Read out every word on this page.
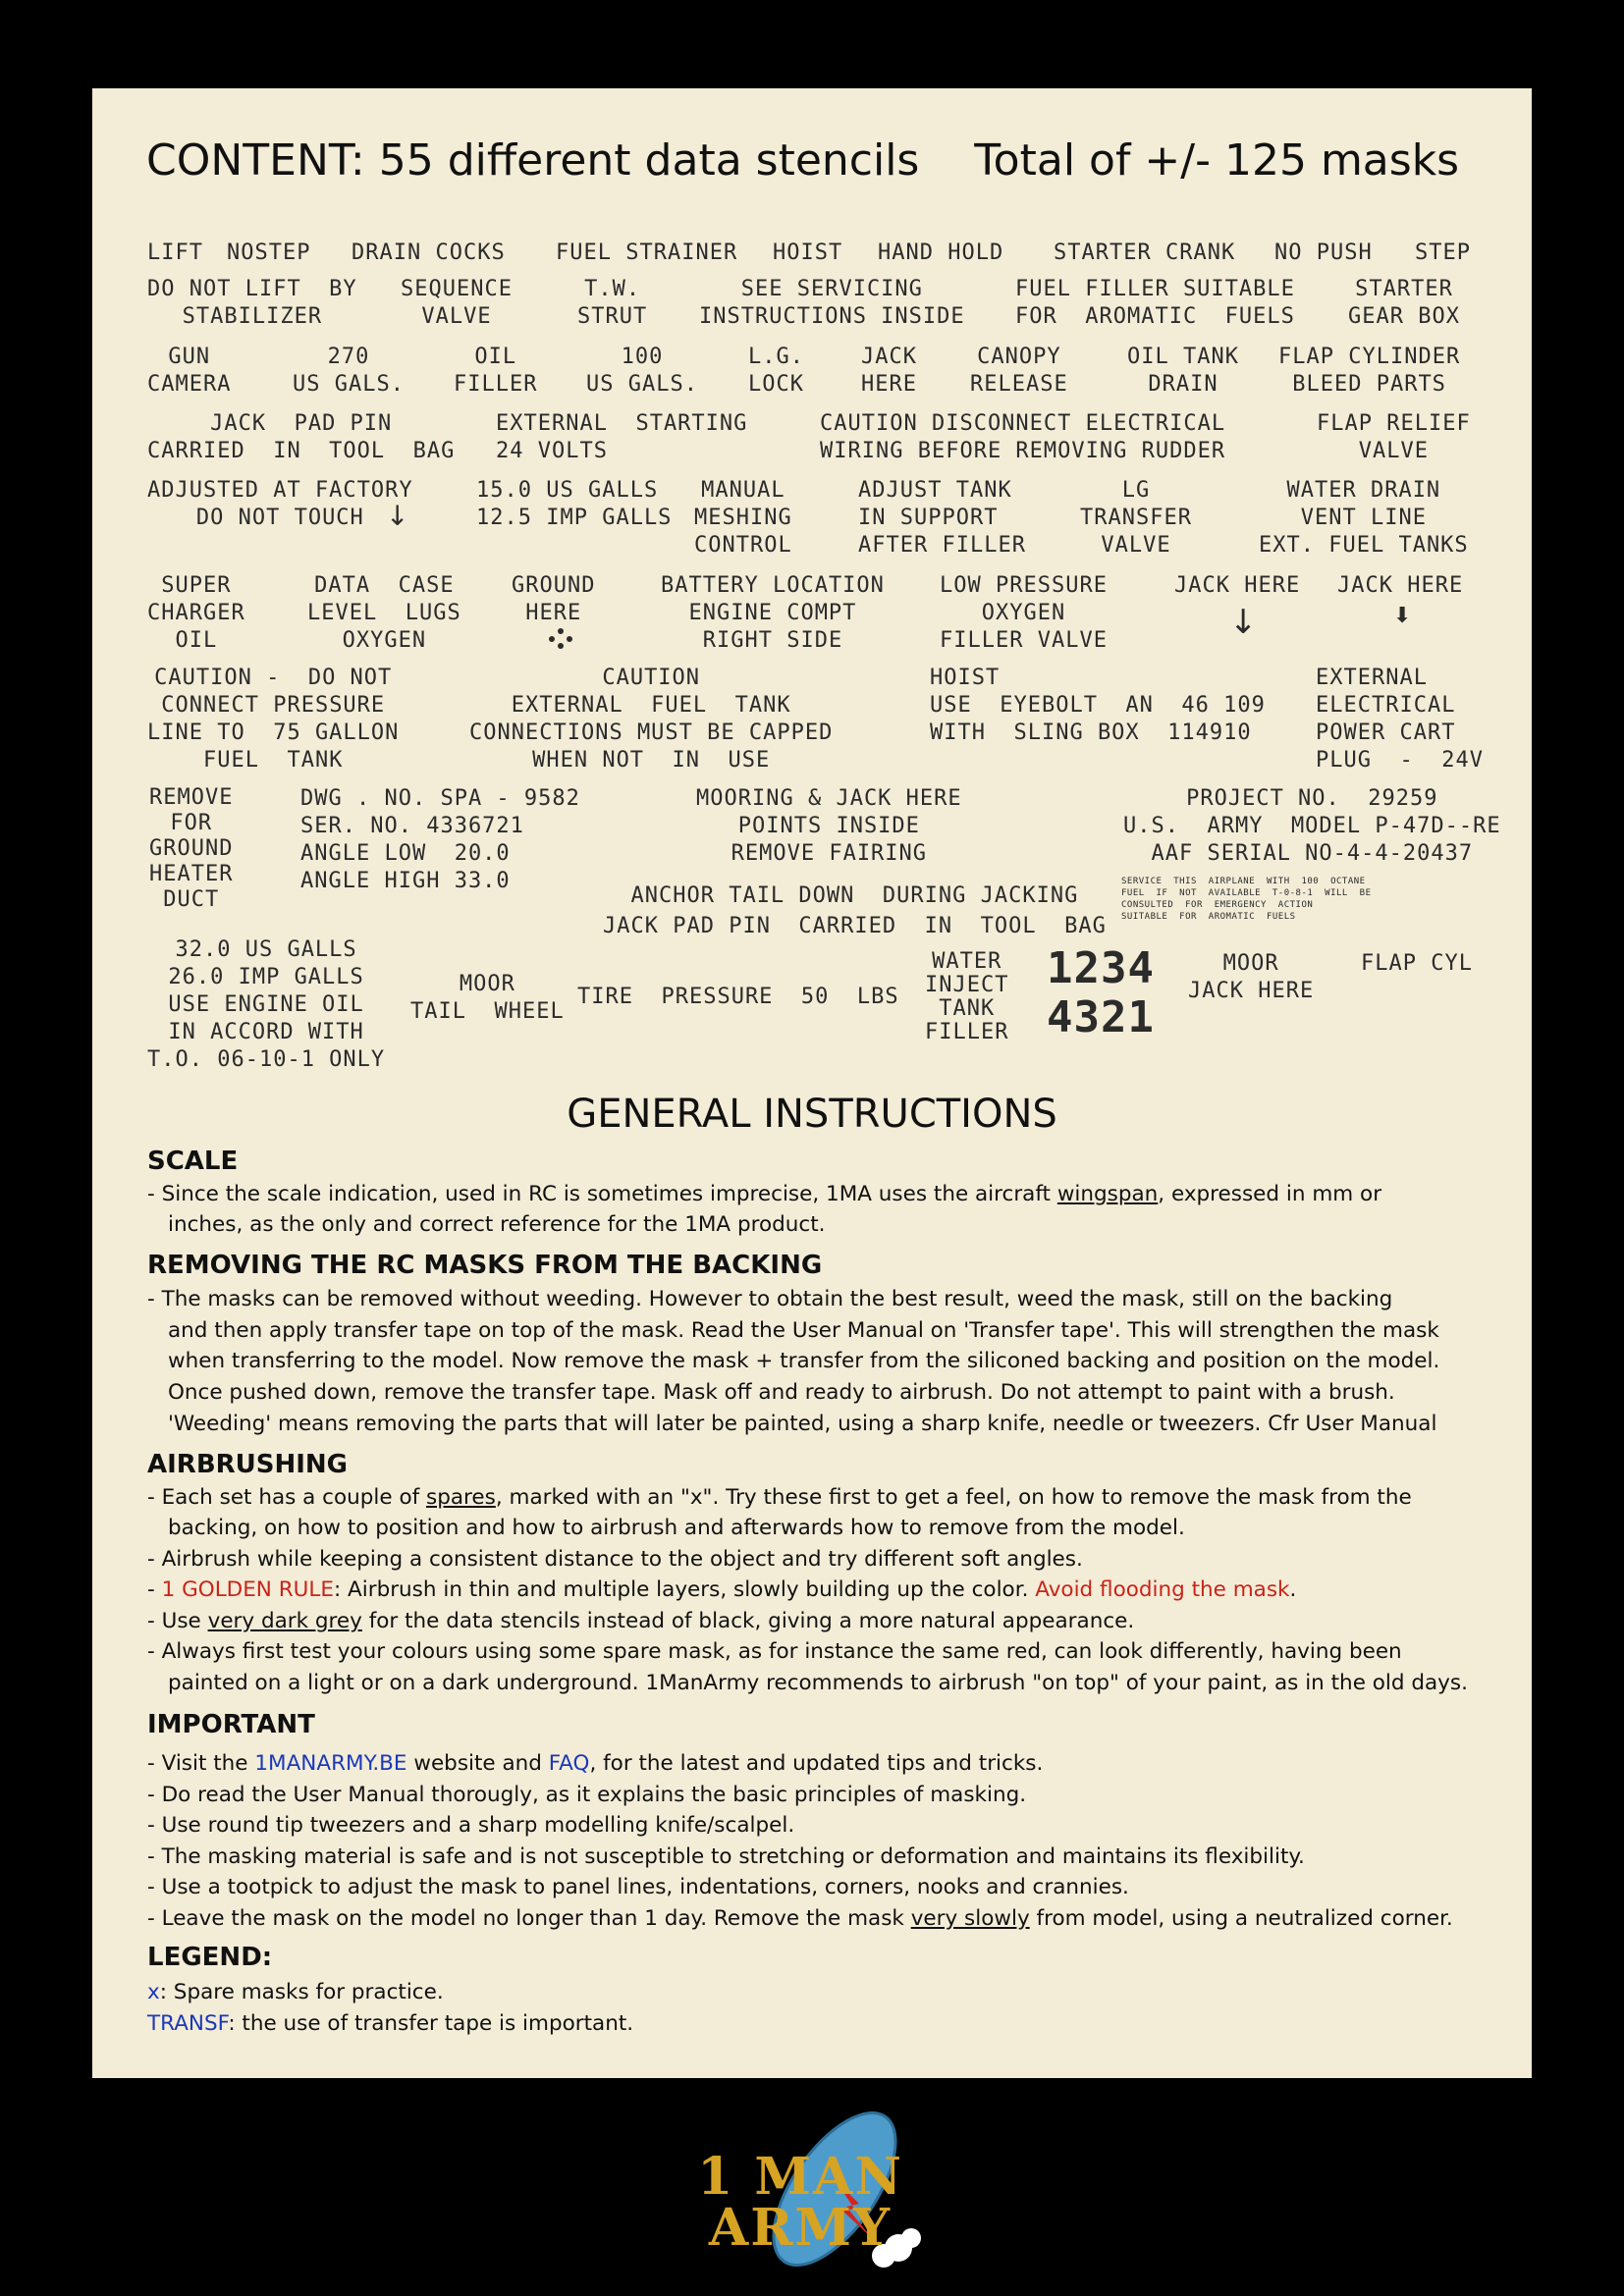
CONTENT: 55 different data stencils    Total of +/- 125 masks
LIFT NOSTEP DRAIN COCKS FUEL STRAINER HOIST HAND HOLD STARTER CRANK NO PUSH STEP
DO NOT LIFT  BY
STABILIZER
SEQUENCE
VALVE
T.W.
STRUT
SEE SERVICING
INSTRUCTIONS INSIDE
FUEL FILLER SUITABLE
FOR  AROMATIC  FUELS
STARTER
GEAR BOX
GUN
CAMERA
270
US GALS.
OIL
FILLER
100
US GALS.
L.G.
LOCK
JACK
HERE
CANOPY
RELEASE
OIL TANK
DRAIN
FLAP CYLINDER
BLEED PARTS
JACK  PAD PIN
CARRIED  IN  TOOL  BAG
EXTERNAL  STARTING
24 VOLTS
CAUTION DISCONNECT ELECTRICAL
WIRING BEFORE REMOVING RUDDER
FLAP RELIEF
VALVE
ADJUSTED AT FACTORY
DO NOT TOUCH ↓
15.0 US GALLS
12.5 IMP GALLS
MANUAL
MESHING
CONTROL
ADJUST TANK
IN SUPPORT
AFTER FILLER
LG
TRANSFER
VALVE
WATER DRAIN
VENT LINE
EXT. FUEL TANKS
SUPER
CHARGER
OIL
DATA  CASE
LEVEL  LUGS
OXYGEN
GROUND
HERE
BATTERY LOCATION
ENGINE COMPT
RIGHT SIDE
LOW PRESSURE
OXYGEN
FILLER VALVE
JACK HERE
↓
JACK HERE
⬇
CAUTION -  DO NOT
CONNECT PRESSURE
LINE TO  75 GALLON
FUEL  TANK
CAUTION
EXTERNAL  FUEL  TANK
CONNECTIONS MUST BE CAPPED
WHEN NOT  IN  USE
HOIST
USE  EYEBOLT  AN  46 109
WITH  SLING BOX  114910
EXTERNAL
ELECTRICAL
POWER CART
PLUG  -  24V
REMOVE
FOR
GROUND
HEATER
DUCT
DWG . NO. SPA - 9582
SER. NO. 4336721
ANGLE LOW  20.0
ANGLE HIGH 33.0
MOORING & JACK HERE
POINTS INSIDE
REMOVE FAIRING
ANCHOR TAIL DOWN  DURING JACKING
JACK PAD PIN  CARRIED  IN  TOOL  BAG
PROJECT NO.  29259
U.S.  ARMY  MODEL P-47D--RE
AAF SERIAL NO-4-4-20437
SERVICE  THIS  AIRPLANE  WITH  100  OCTANE
FUEL  IF  NOT  AVAILABLE  T-0-8-1  WILL  BE
CONSULTED  FOR  EMERGENCY  ACTION
SUITABLE  FOR  AROMATIC  FUELS
32.0 US GALLS
26.0 IMP GALLS
USE ENGINE OIL
IN ACCORD WITH
T.O. 06-10-1 ONLY
MOOR
TAIL  WHEEL
TIRE  PRESSURE  50  LBS
WATER
INJECT
TANK
FILLER
1234
4321
MOOR
JACK HERE
FLAP CYL
GENERAL INSTRUCTIONS
SCALE
- Since the scale indication, used in RC is sometimes imprecise, 1MA uses the aircraft wingspan, expressed in mm or
inches, as the only and correct reference for the 1MA product.
REMOVING THE RC MASKS FROM THE BACKING
- The masks can be removed without weeding. However to obtain the best result, weed the mask, still on the backing
and then apply transfer tape on top of the mask. Read the User Manual on 'Transfer tape'. This will strengthen the mask
when transferring to the model. Now remove the mask + transfer from the siliconed backing and position on the model.
Once pushed down, remove the transfer tape. Mask off and ready to airbrush. Do not attempt to paint with a brush.
'Weeding' means removing the parts that will later be painted, using a sharp knife, needle or tweezers. Cfr User Manual
AIRBRUSHING
- Each set has a couple of spares, marked with an "x". Try these first to get a feel, on how to remove the mask from the
backing, on how to position and how to airbrush and afterwards how to remove from the model.
- Airbrush while keeping a consistent distance to the object and try different soft angles.
- 1 GOLDEN RULE: Airbrush in thin and multiple layers, slowly building up the color. Avoid flooding the mask.
- Use very dark grey for the data stencils instead of black, giving a more natural appearance.
- Always first test your colours using some spare mask, as for instance the same red, can look differently, having been
painted on a light or on a dark underground. 1ManArmy recommends to airbrush "on top" of your paint, as in the old days.
IMPORTANT
- Visit the 1MANARMY.BE website and FAQ, for the latest and updated tips and tricks.
- Do read the User Manual thorougly, as it explains the basic principles of masking.
- Use round tip tweezers and a sharp modelling knife/scalpel.
- The masking material is safe and is not susceptible to stretching or deformation and maintains its flexibility.
- Use a tootpick to adjust the mask to panel lines, indentations, corners, nooks and crannies.
- Leave the mask on the model no longer than 1 day. Remove the mask very slowly from model, using a neutralized corner.
LEGEND:
x: Spare masks for practice.
TRANSF: the use of transfer tape is important.
1 MAN
ARMY
